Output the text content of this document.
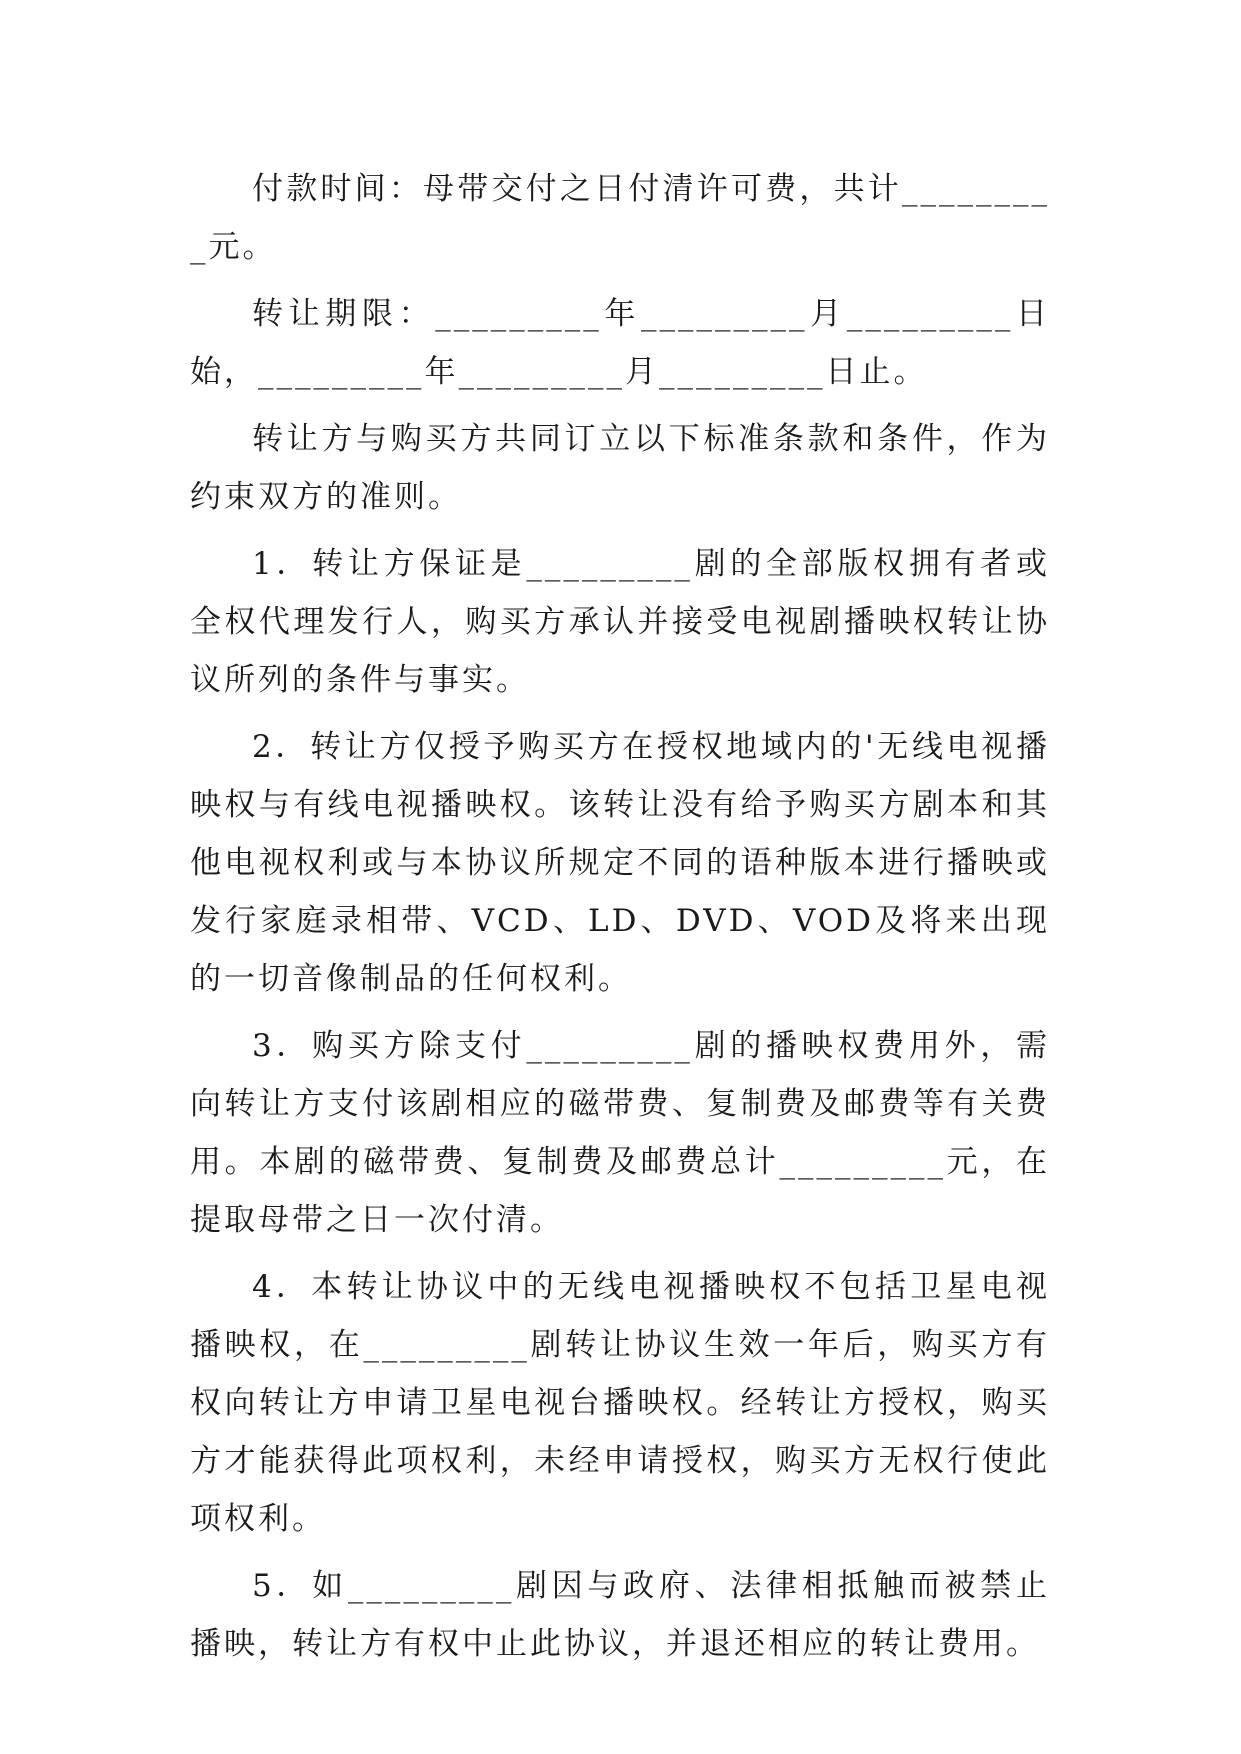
付款时间：母带交付之日付清许可费，共计_________元。

转让期限：_________年_________月_________日始，_________年_________月_________日止。

转让方与购买方共同订立以下标准条款和条件，作为约束双方的准则。

1．转让方保证是_________剧的全部版权拥有者或全权代理发行人，购买方承认并接受电视剧播映权转让协议所列的条件与事实。

2．转让方仅授予购买方在授权地域内的'无线电视播映权与有线电视播映权。该转让没有给予购买方剧本和其他电视权利或与本协议所规定不同的语种版本进行播映或发行家庭录相带、VCD、LD、DVD、VOD及将来出现的一切音像制品的任何权利。

3．购买方除支付_________剧的播映权费用外，需向转让方支付该剧相应的磁带费、复制费及邮费等有关费用。本剧的磁带费、复制费及邮费总计_________元，在提取母带之日一次付清。

4．本转让协议中的无线电视播映权不包括卫星电视播映权，在_________剧转让协议生效一年后，购买方有权向转让方申请卫星电视台播映权。经转让方授权，购买方才能获得此项权利，未经申请授权，购买方无权行使此项权利。

5．如_________剧因与政府、法律相抵触而被禁止播映，转让方有权中止此协议，并退还相应的转让费用。
